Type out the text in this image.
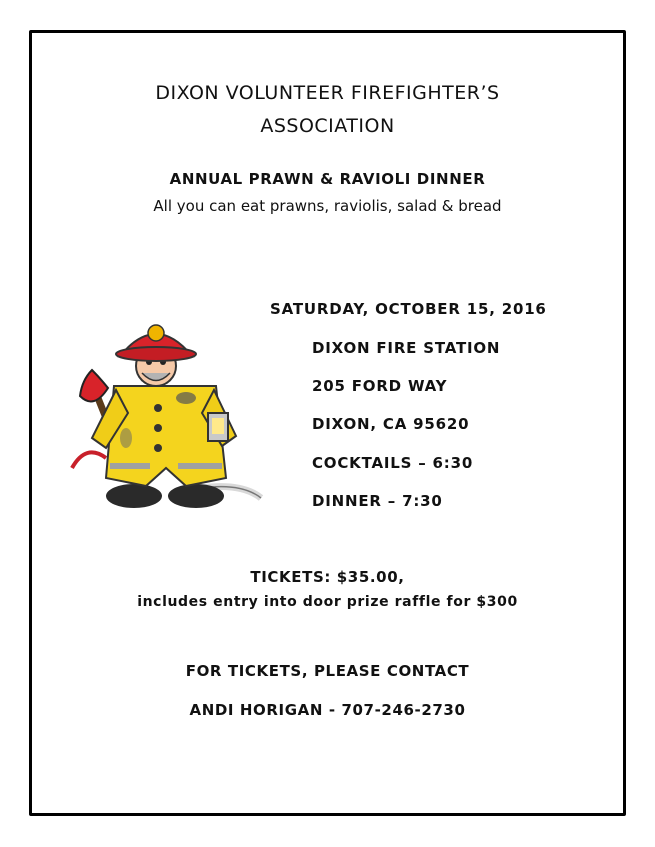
DIXON VOLUNTEER FIREFIGHTER’S
ASSOCIATION
ANNUAL PRAWN & RAVIOLI DINNER
All you can eat prawns, raviolis, salad & bread
SATURDAY, OCTOBER 15, 2016
DIXON FIRE STATION
205 FORD WAY
DIXON, CA 95620
COCKTAILS – 6:30
DINNER – 7:30
TICKETS: $35.00,
includes entry into door prize raffle for $300
FOR TICKETS, PLEASE CONTACT
ANDI HORIGAN - 707-246-2730
